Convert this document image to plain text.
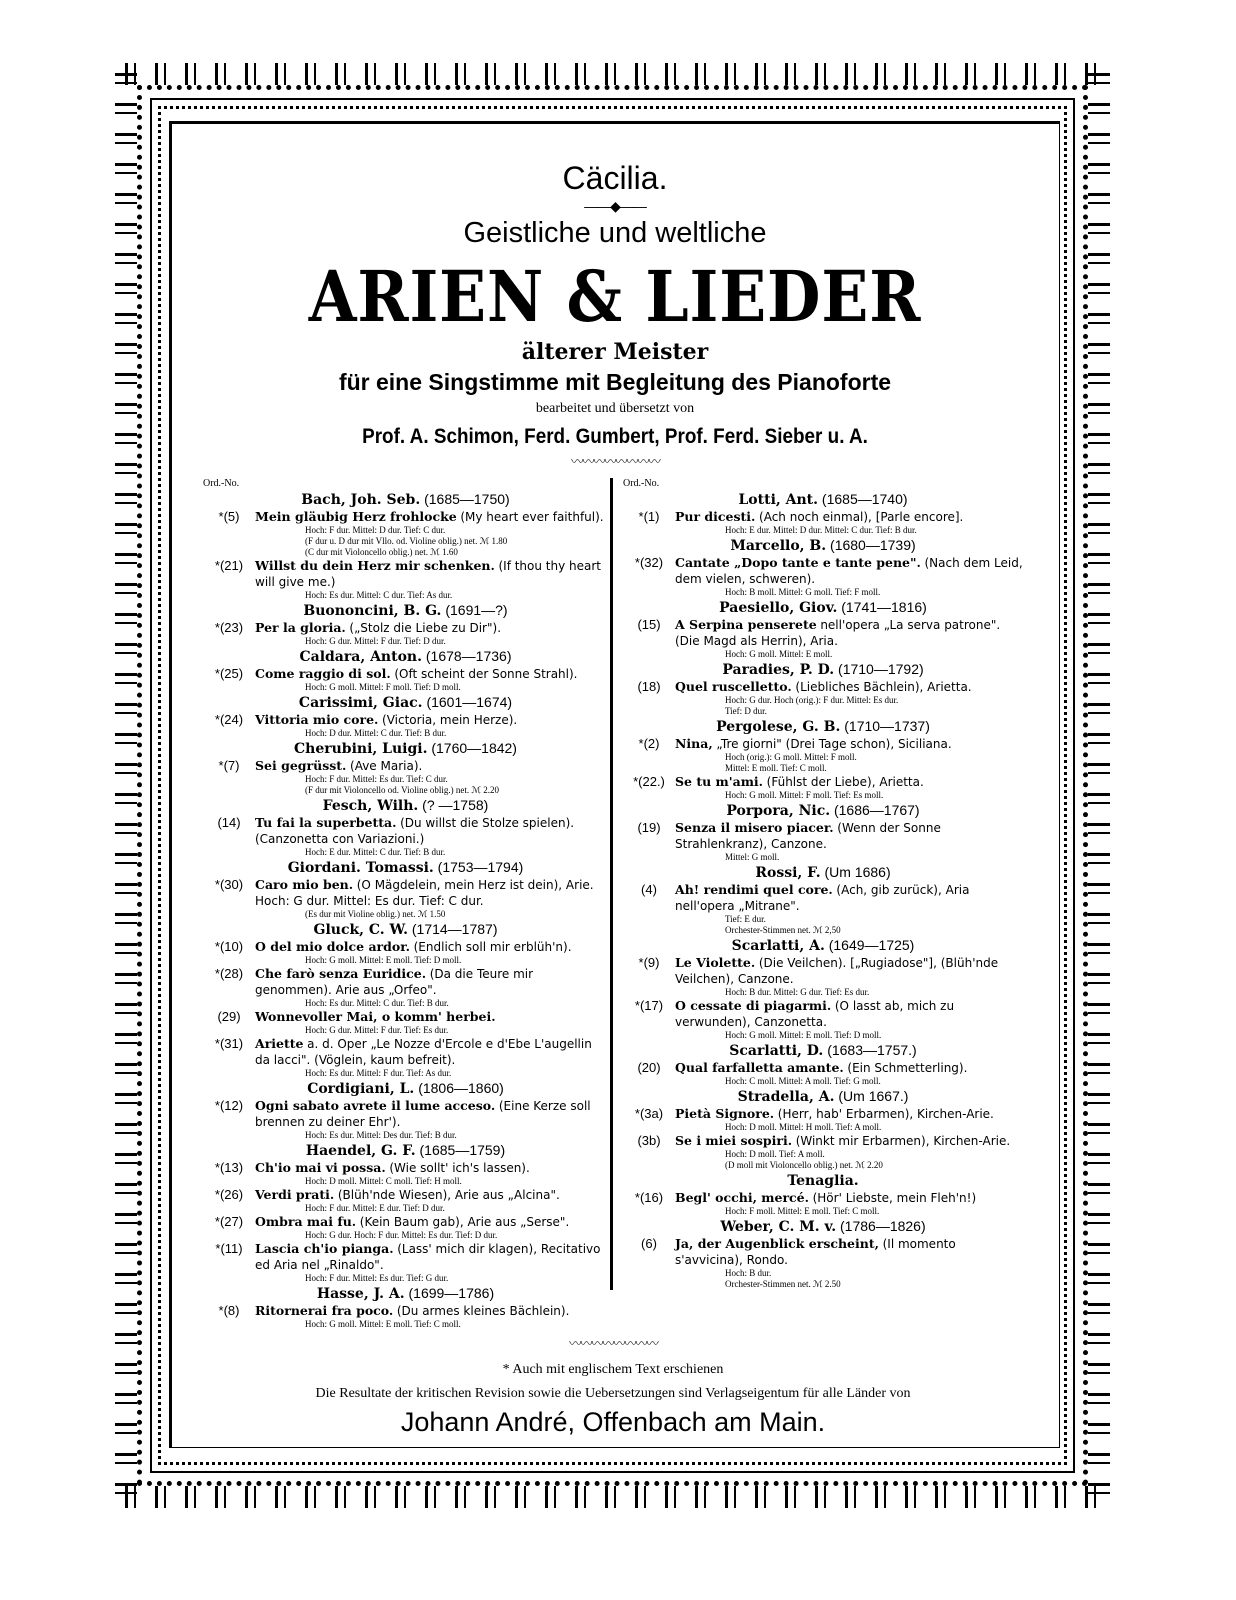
Cäcilia.
——◆——
Geistliche und weltliche
ARIEN & LIEDER
älterer Meister
für eine Singstimme mit Begleitung des Pianoforte
bearbeitet und übersetzt von
Prof. A. Schimon, Ferd. Gumbert, Prof. Ferd. Sieber u. A.
〰〰〰〰〰〰〰〰
Ord.-No.
Bach, Joh. Seb. (1685—1750)
*(5)	Mein gläubig Herz frohlocke (My heart ever faithful).
Hoch: F dur. Mittel: D dur. Tief: C dur.
(F dur u. D dur mit Vllo. od. Violine oblig.) net. ℳ 1.80
(C dur mit Violoncello oblig.) net. ℳ 1.60
*(21) Willst du dein Herz mir schenken. (If thou thy heart will give me.)
Hoch: Es dur. Mittel: C dur. Tief: As dur.
Buononcini, B. G. (1691—?)
*(23) Per la gloria. („Stolz die Liebe zu Dir").
Hoch: G dur. Mittel: F dur. Tief: D dur.
Caldara, Anton. (1678—1736)
*(25) Come raggio di sol. (Oft scheint der Sonne Strahl).
Hoch: G moll. Mittel: F moll. Tief: D moll.
Carissimi, Giac. (1601—1674)
*(24) Vittoria mio core. (Victoria, mein Herze).
Hoch: D dur. Mittel: C dur. Tief: B dur.
Cherubini, Luigi. (1760—1842)
*(7)	Sei gegrüsst. (Ave Maria).
Hoch: F dur. Mittel: Es dur. Tief: C dur.
(F dur mit Violoncello od. Violine oblig.) net. ℳ 2.20
Fesch, Wilh. (? —1758)
(14)	Tu fai la superbetta. (Du willst die Stolze spielen). (Canzonetta con Variazioni.)
Hoch: E dur. Mittel: C dur. Tief: B dur.
Giordani. Tomassi. (1753—1794)
*(30) Caro mio ben. (O Mägdelein, mein Herz ist dein), Arie. Hoch: G dur. Mittel: Es dur. Tief: C dur.
(Es dur mit Violine oblig.) net. ℳ 1.50
Gluck, C. W. (1714—1787)
*(10) O del mio dolce ardor. (Endlich soll mir erblüh'n).
Hoch: G moll. Mittel: E moll. Tief: D moll.
*(28) Che farò senza Euridice. (Da die Teure mir genommen). Arie aus „Orfeo".
Hoch: Es dur. Mittel: C dur. Tief: B dur.
(29)	Wonnevoller Mai, o komm' herbei.
Hoch: G dur. Mittel: F dur. Tief: Es dur.
*(31) Ariette a. d. Oper „Le Nozze d'Ercole e d'Ebe L'augellin da lacci". (Vöglein, kaum befreit).
Hoch: Es dur. Mittel: F dur. Tief: As dur.
Cordigiani, L. (1806—1860)
*(12) Ogni sabato avrete il lume acceso. (Eine Kerze soll brennen zu deiner Ehr').
Hoch: Es dur. Mittel: Des dur. Tief: B dur.
Haendel, G. F. (1685—1759)
*(13) Ch'io mai vi possa. (Wie sollt' ich's lassen).
Hoch: D moll. Mittel: C moll. Tief: H moll.
*(26) Verdi prati. (Blüh'nde Wiesen), Arie aus „Alcina".
Hoch: F dur. Mittel: E dur. Tief: D dur.
*(27) Ombra mai fu. (Kein Baum gab), Arie aus „Serse".
Hoch: G dur. Hoch: F dur. Mittel: Es dur. Tief: D dur.
*(11) Lascia ch'io pianga. (Lass' mich dir klagen), Recitativo ed Aria nel „Rinaldo".
Hoch: F dur. Mittel: Es dur. Tief: G dur.
Hasse, J. A. (1699—1786)
*(8)	Ritornerai fra poco. (Du armes kleines Bächlein).
Hoch: G moll. Mittel: E moll. Tief: C moll.
Ord.-No.
Lotti, Ant. (1685—1740)
*(1)	Pur dicesti. (Ach noch einmal), [Parle encore].
Hoch: E dur. Mittel: D dur. Mittel: C dur. Tief: B dur.
Marcello, B. (1680—1739)
*(32) Cantate „Dopo tante e tante pene". (Nach dem Leid, dem vielen, schweren).
Hoch: B moll. Mittel: G moll. Tief: F moll.
Paesiello, Giov. (1741—1816)
(15)	A Serpina penserete nell'opera „La serva patrone". (Die Magd als Herrin), Aria.
Hoch: G moll. Mittel: E moll.
Paradies, P. D. (1710—1792)
(18)	Quel ruscelletto. (Liebliches Bächlein), Arietta.
Hoch: G dur. Hoch (orig.): F dur. Mittel: Es dur.
Tief: D dur.
Pergolese, G. B. (1710—1737)
*(2)	Nina, „Tre giorni" (Drei Tage schon), Siciliana.
Hoch (orig.): G moll. Mittel: F moll.
Mittel: E moll. Tief: C moll.
*(22.) Se tu m'ami. (Fühlst der Liebe), Arietta.
Hoch: G moll. Mittel: F moll. Tief: Es moll.
Porpora, Nic. (1686—1767)
(19)	Senza il misero piacer. (Wenn der Sonne Strahlenkranz), Canzone.
Mittel: G moll.
Rossi, F. (Um 1686)
(4)	Ah! rendimi quel core. (Ach, gib zurück), Aria nell'opera „Mitrane".
Tief: E dur.
Orchester-Stimmen net. ℳ 2,50
Scarlatti, A. (1649—1725)
*(9)	Le Violette. (Die Veilchen). [„Rugiadose"], (Blüh'nde Veilchen), Canzone.
Hoch: B dur. Mittel: G dur. Tief: Es dur.
*(17) O cessate di piagarmi. (O lasst ab, mich zu verwunden), Canzonetta.
Hoch: G moll. Mittel: E moll. Tief: D moll.
Scarlatti, D. (1683—1757.)
(20)	Qual farfalletta amante. (Ein Schmetterling).
Hoch: C moll. Mittel: A moll. Tief: G moll.
Stradella, A. (Um 1667.)
*(3a) Pietà Signore. (Herr, hab' Erbarmen), Kirchen-Arie.
Hoch: D moll. Mittel: H moll. Tief: A moll.
(3b)	Se i miei sospiri. (Winkt mir Erbarmen), Kirchen-Arie.
Hoch: D moll. Tief: A moll.
(D moll mit Violoncello oblig.) net. ℳ 2.20
Tenaglia.
*(16) Begl' occhi, mercé. (Hör' Liebste, mein Fleh'n!)
Hoch: F moll. Mittel: E moll. Tief: C moll.
Weber, C. M. v. (1786—1826)
(6)	Ja, der Augenblick erscheint, (Il momento s'avvicina), Rondo.
Hoch: B dur.
Orchester-Stimmen net. ℳ 2.50
〰〰〰〰〰〰〰〰
* Auch mit englischem Text erschienen
Die Resultate der kritischen Revision sowie die Uebersetzungen sind Verlagseigentum für alle Länder von
Johann André, Offenbach am Main.
